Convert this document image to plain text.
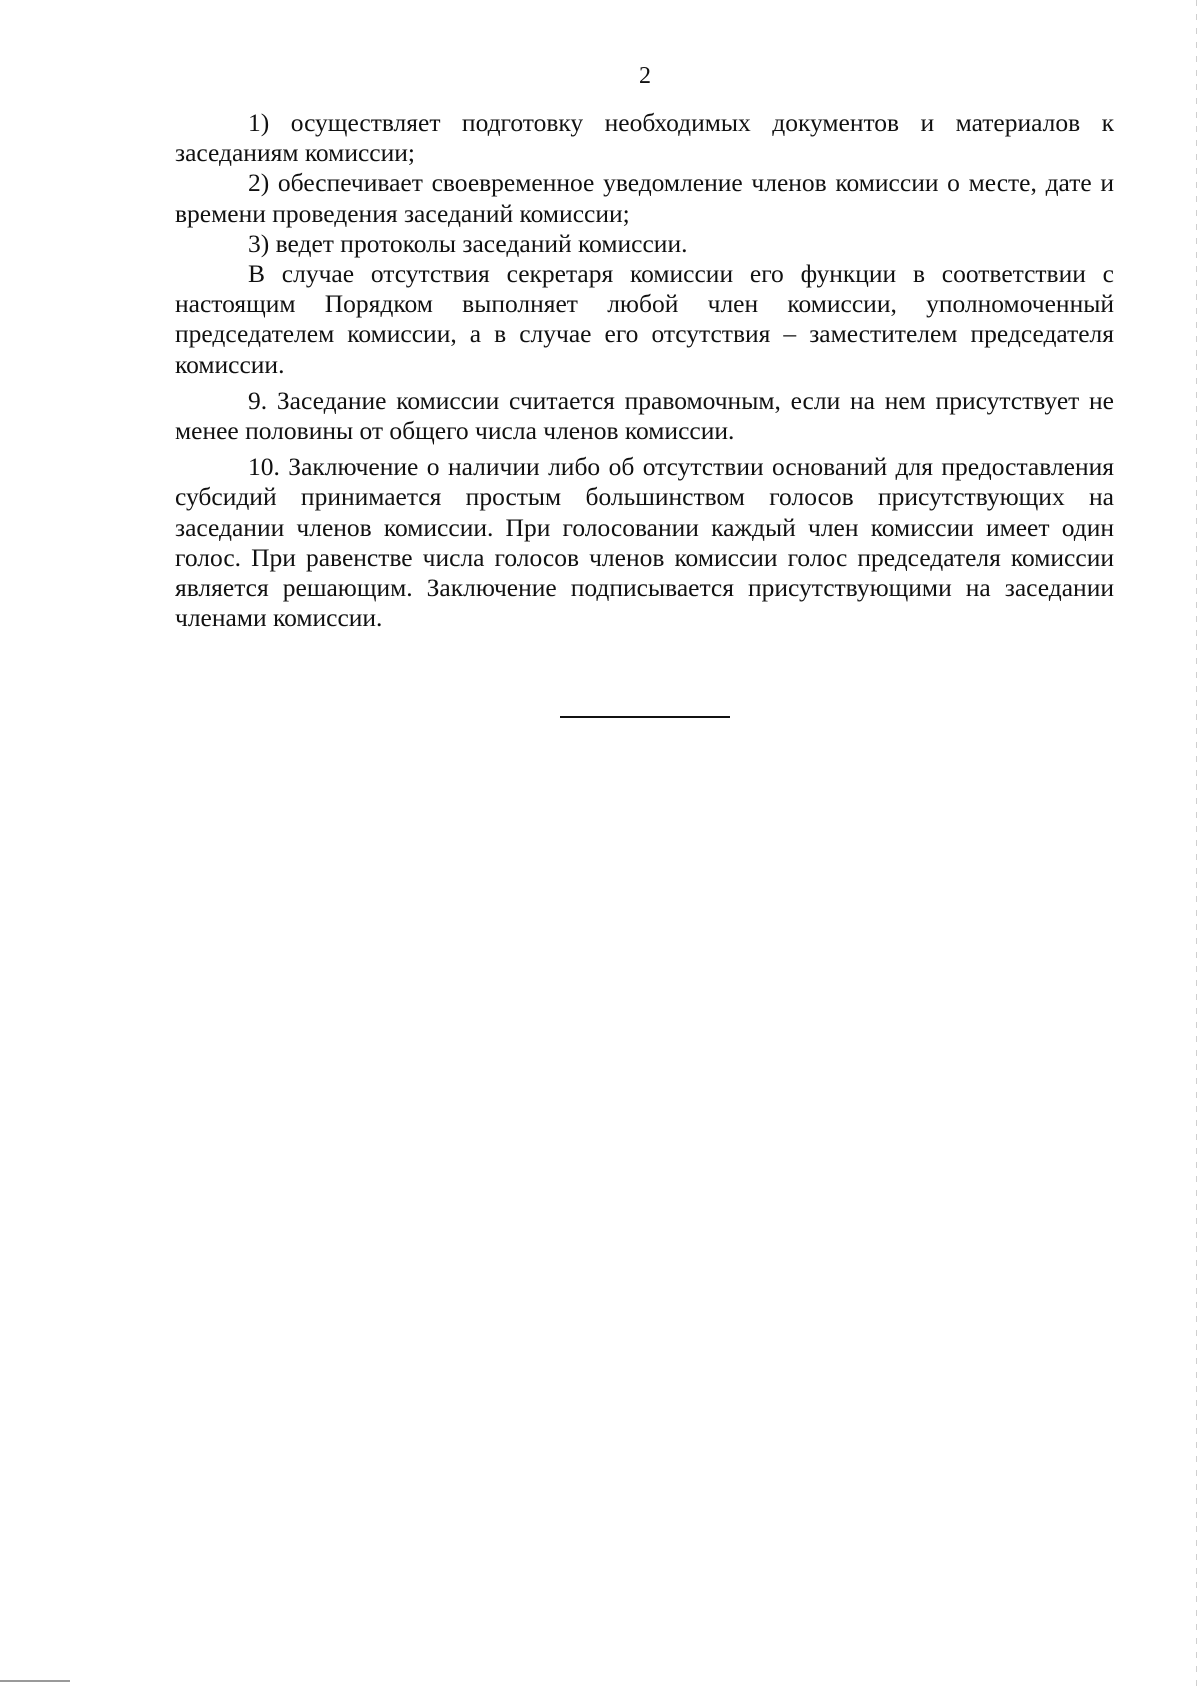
2

1) осуществляет подготовку необходимых документов и материалов к заседаниям комиссии;

2) обеспечивает своевременное уведомление членов комиссии о месте, дате и времени проведения заседаний комиссии;

3) ведет протоколы заседаний комиссии.

В случае отсутствия секретаря комиссии его функции в соответствии с настоящим Порядком выполняет любой член комиссии, уполномоченный председателем комиссии, а в случае его отсутствия – заместителем председателя комиссии.

9. Заседание комиссии считается правомочным, если на нем присутствует не менее половины от общего числа членов комиссии.

10. Заключение о наличии либо об отсутствии оснований для предоставления субсидий принимается простым большинством голосов присутствующих на заседании членов комиссии. При голосовании каждый член комиссии имеет один голос. При равенстве числа голосов членов комиссии голос председателя комиссии является решающим. Заключение подписывается присутствующими на заседании членами комиссии.
